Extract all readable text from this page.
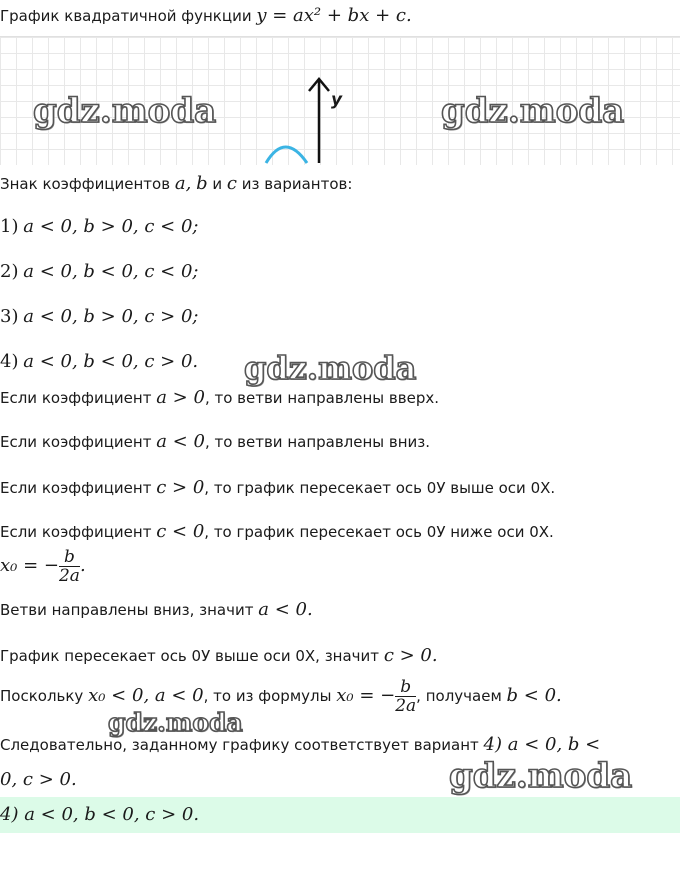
График квадратичной функции y = ax² + bx + c.
y
gdz.moda	gdz.moda
gdz.moda
gdz.moda
gdz.moda
Знак коэффициентов a, b и c из вариантов:
1) a < 0, b > 0, c < 0;
2) a < 0, b < 0, c < 0;
3) a < 0, b > 0, c > 0;
4) a < 0, b < 0, c > 0.
Если коэффициент a > 0, то ветви направлены вверх.
Если коэффициент a < 0, то ветви направлены вниз.
Если коэффициент c > 0, то график пересекает ось 0У выше оси 0Х.
Если коэффициент c < 0, то график пересекает ось 0У ниже оси 0Х.
x₀ = − $\frac{b}{2a}$ .
Ветви направлены вниз, значит a < 0.
График пересекает ось 0У выше оси 0Х, значит c > 0.
Поскольку x₀ < 0, a < 0, то из формулы x₀ = − $\frac{b}{2a}$ , получаем b < 0.
Следовательно, заданному графику соответствует вариант 4) a < 0, b <
0, c > 0.
4) a < 0, b < 0, c > 0.
